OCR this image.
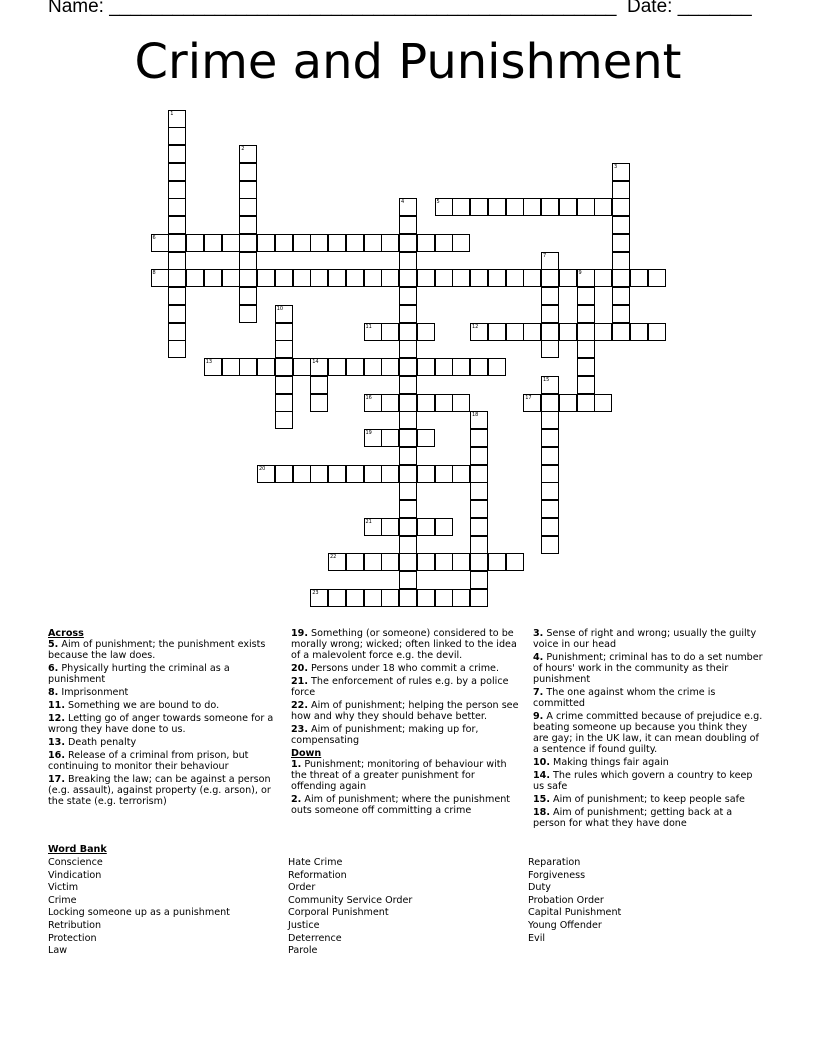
Name: ________________________________________________ Date: _______
Crime and Punishment
1
2
3
4	5
6
7
8	9
10
11	12
13	14
15
16	17
18
19
20
21
22
23
Across
5. Aim of punishment; the punishment exists because the law does.
6. Physically hurting the criminal as a punishment
8. Imprisonment
11. Something we are bound to do.
12. Letting go of anger towards someone for a wrong they have done to us.
13. Death penalty
16. Release of a criminal from prison, but continuing to monitor their behaviour
17. Breaking the law; can be against a person (e.g. assault), against property (e.g. arson), or the state (e.g. terrorism)
19. Something (or someone) considered to be morally wrong; wicked; often linked to the idea of a malevolent force e.g. the devil.
20. Persons under 18 who commit a crime.
21. The enforcement of rules e.g. by a police force
22. Aim of punishment; helping the person see how and why they should behave better.
23. Aim of punishment; making up for, compensating
Down
1. Punishment; monitoring of behaviour with the threat of a greater punishment for offending again
2. Aim of punishment; where the punishment outs someone off committing a crime
3. Sense of right and wrong; usually the guilty voice in our head
4. Punishment; criminal has to do a set number of hours' work in the community as their punishment
7. The one against whom the crime is committed
9. A crime committed because of prejudice e.g. beating someone up because you think they are gay; in the UK law, it can mean doubling of a sentence if found guilty.
10. Making things fair again
14. The rules which govern a country to keep us safe
15. Aim of punishment; to keep people safe
18. Aim of punishment; getting back at a person for what they have done
Word Bank
Conscience
Vindication
Victim
Crime
Locking someone up as a punishment
Retribution
Protection
Law
Hate Crime
Reformation
Order
Community Service Order
Corporal Punishment
Justice
Deterrence
Parole
Reparation
Forgiveness
Duty
Probation Order
Capital Punishment
Young Offender
Evil
